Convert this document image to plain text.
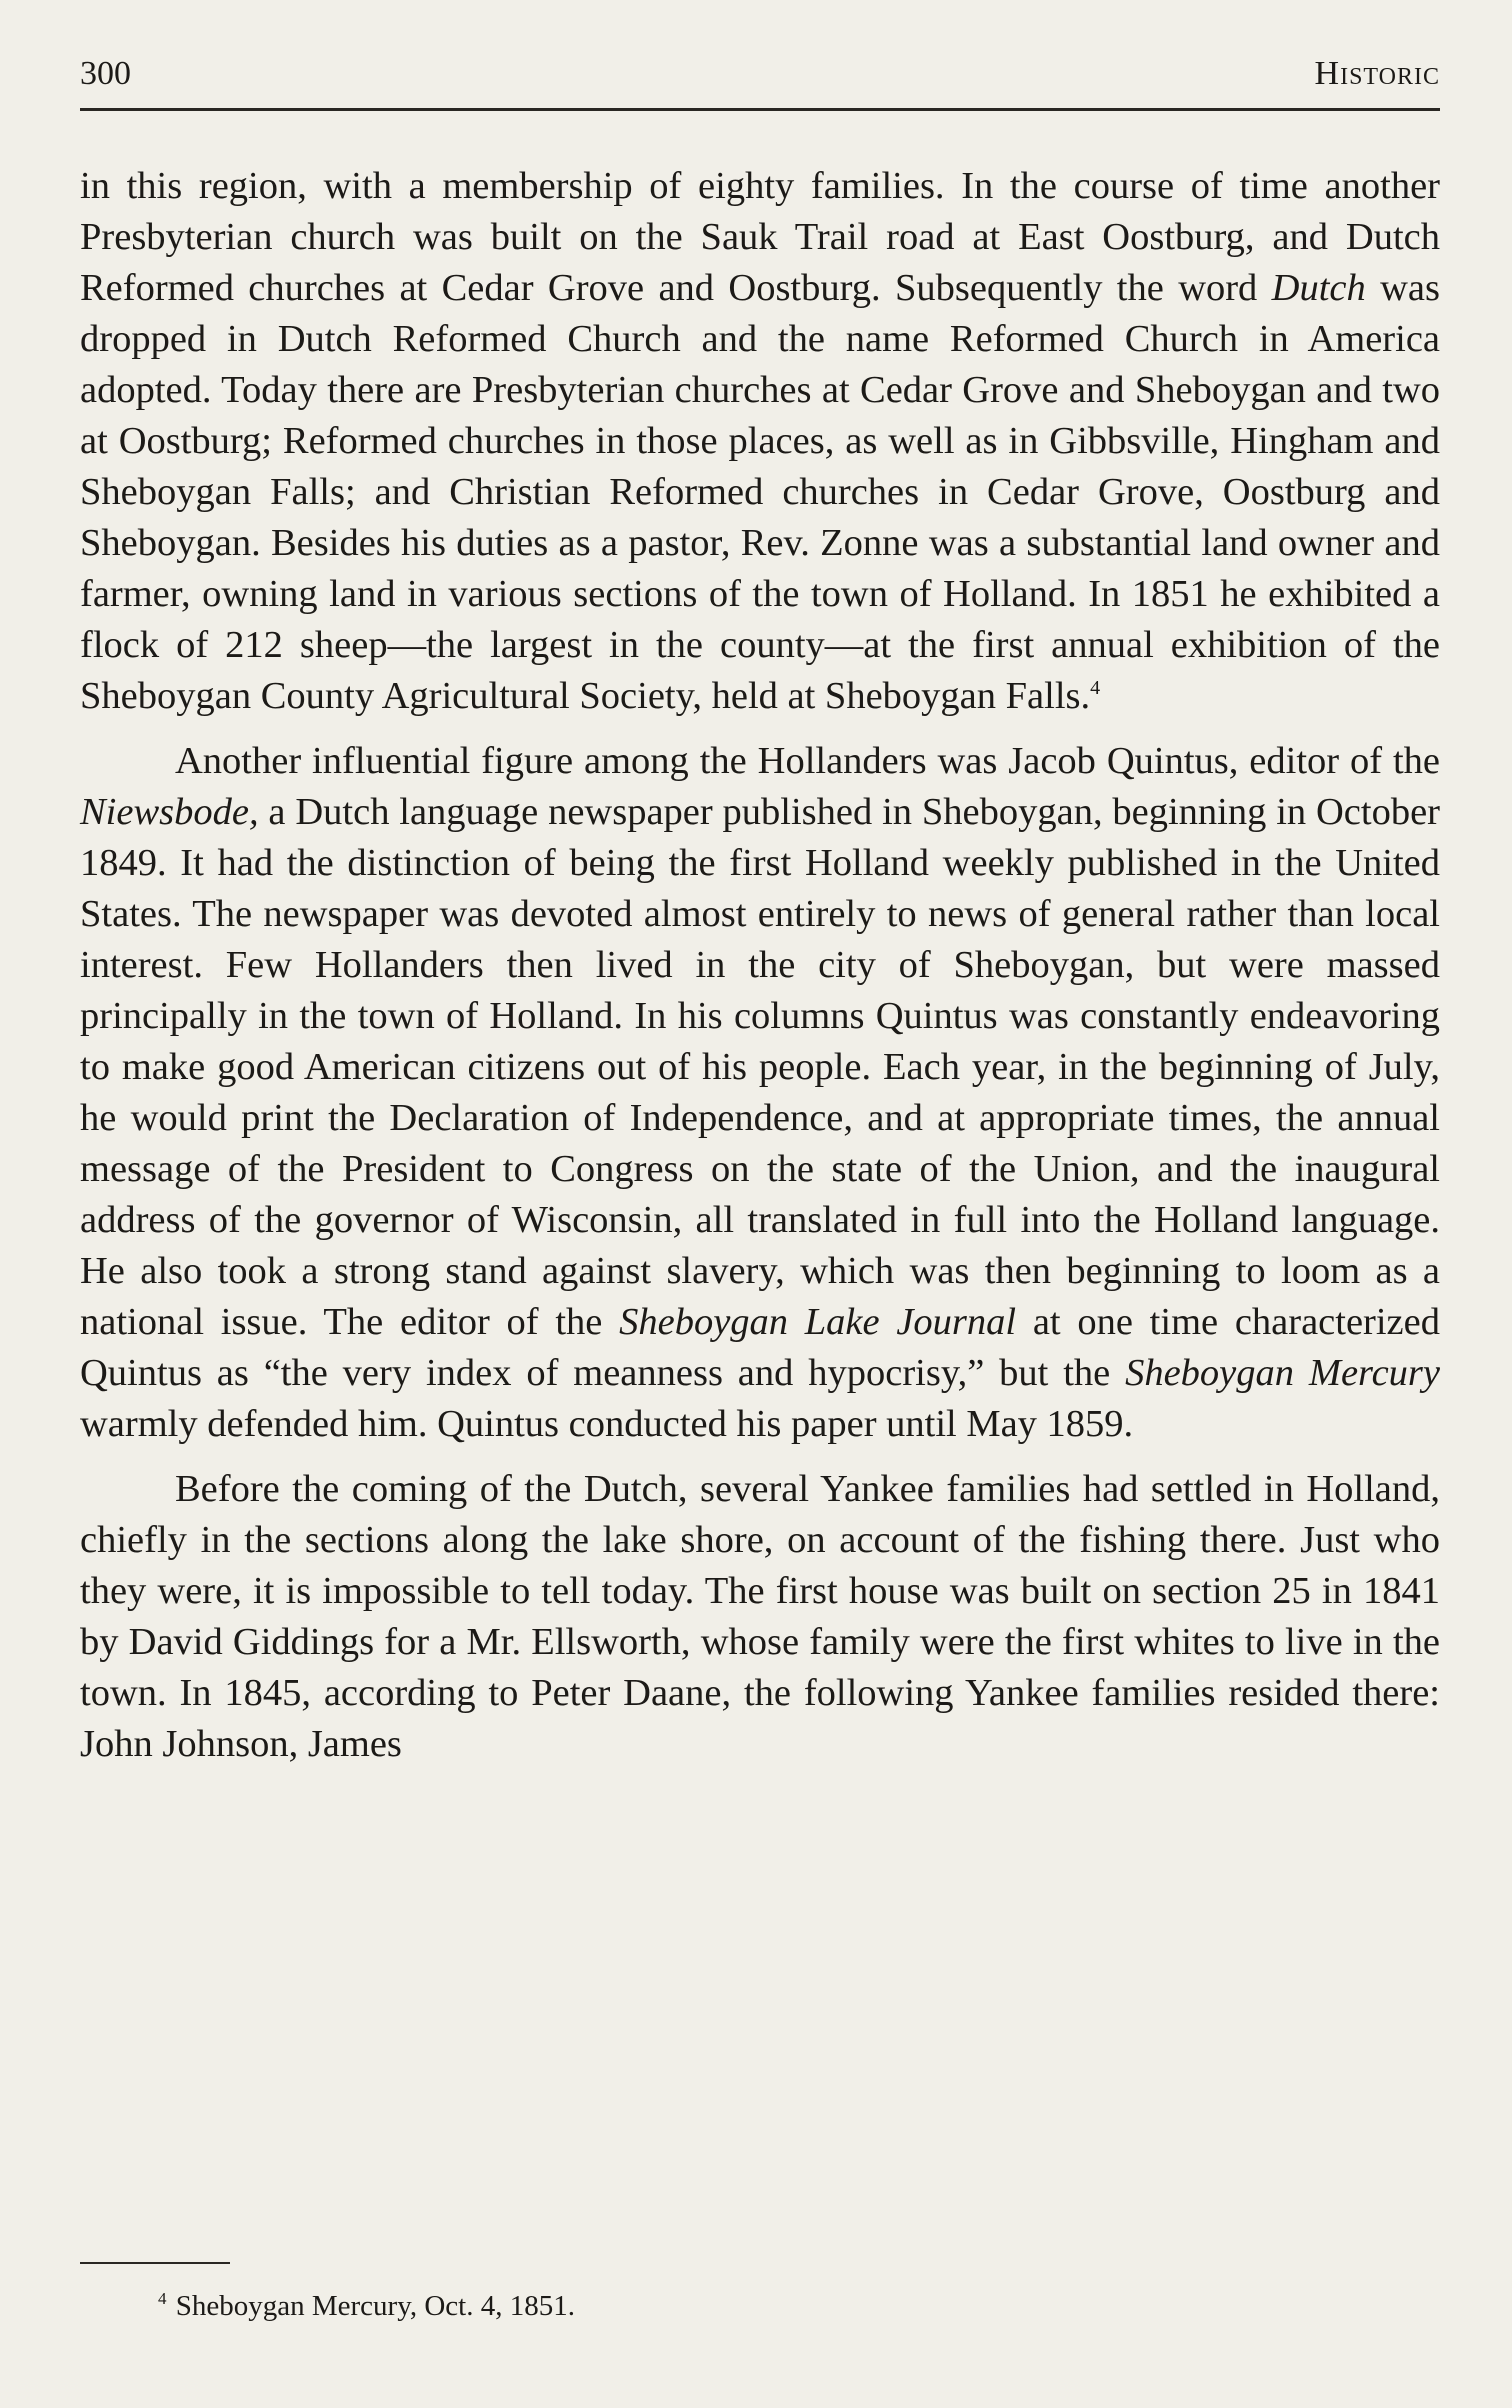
300	Historic

in this region, with a membership of eighty families. In the course of time another Presbyterian church was built on the Sauk Trail road at East Oostburg, and Dutch Reformed churches at Cedar Grove and Oostburg. Subsequently the word Dutch was dropped in Dutch Reformed Church and the name Reformed Church in America adopted. Today there are Presbyterian churches at Cedar Grove and Sheboygan and two at Oostburg; Reformed churches in those places, as well as in Gibbsville, Hingham and Sheboygan Falls; and Christian Reformed churches in Cedar Grove, Oostburg and Sheboygan. Besides his duties as a pastor, Rev. Zonne was a substantial land owner and farmer, owning land in various sections of the town of Holland. In 1851 he exhibited a flock of 212 sheep—the largest in the county—at the first annual exhibition of the Sheboygan County Agricultural Society, held at Sheboygan Falls.$^4$

Another influential figure among the Hollanders was Jacob Quintus, editor of the Niewsbode, a Dutch language newspaper published in Sheboygan, beginning in October 1849. It had the distinction of being the first Holland weekly published in the United States. The newspaper was devoted almost entirely to news of general rather than local interest. Few Hollanders then lived in the city of Sheboygan, but were massed principally in the town of Holland. In his columns Quintus was constantly endeavoring to make good American citizens out of his people. Each year, in the beginning of July, he would print the Declaration of Independence, and at appropriate times, the annual message of the President to Congress on the state of the Union, and the inaugural address of the governor of Wisconsin, all translated in full into the Holland language. He also took a strong stand against slavery, which was then beginning to loom as a national issue. The editor of the Sheboygan Lake Journal at one time characterized Quintus as “the very index of meanness and hypocrisy,” but the Sheboygan Mercury warmly defended him. Quintus conducted his paper until May 1859.

Before the coming of the Dutch, several Yankee families had settled in Holland, chiefly in the sections along the lake shore, on account of the fishing there. Just who they were, it is impossible to tell today. The first house was built on section 25 in 1841 by David Giddings for a Mr. Ellsworth, whose family were the first whites to live in the town. In 1845, according to Peter Daane, the following Yankee families resided there: John Johnson, James

$^4$ Sheboygan Mercury, Oct. 4, 1851.
